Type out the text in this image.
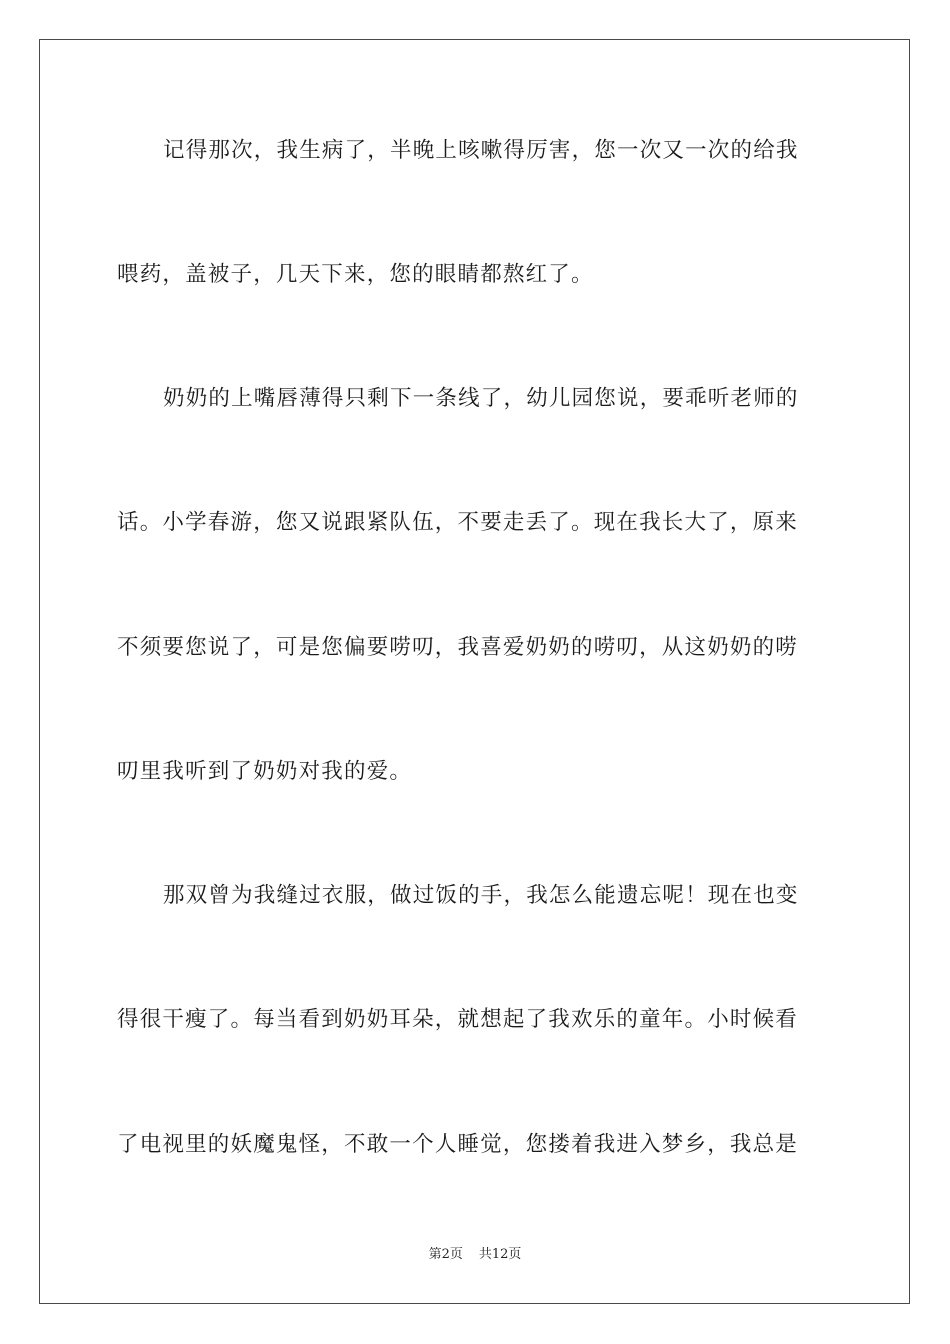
记得那次，我生病了，半晚上咳嗽得厉害，您一次又一次的给我
喂药，盖被子，几天下来，您的眼睛都熬红了。
奶奶的上嘴唇薄得只剩下一条线了，幼儿园您说，要乖听老师的
话。小学春游，您又说跟紧队伍，不要走丢了。现在我长大了，原来
不须要您说了，可是您偏要唠叨，我喜爱奶奶的唠叨，从这奶奶的唠
叨里我听到了奶奶对我的爱。
那双曾为我缝过衣服，做过饭的手，我怎么能遗忘呢！现在也变
得很干瘦了。每当看到奶奶耳朵，就想起了我欢乐的童年。小时候看
了电视里的妖魔鬼怪，不敢一个人睡觉，您搂着我进入梦乡，我总是
第2页 共12页
